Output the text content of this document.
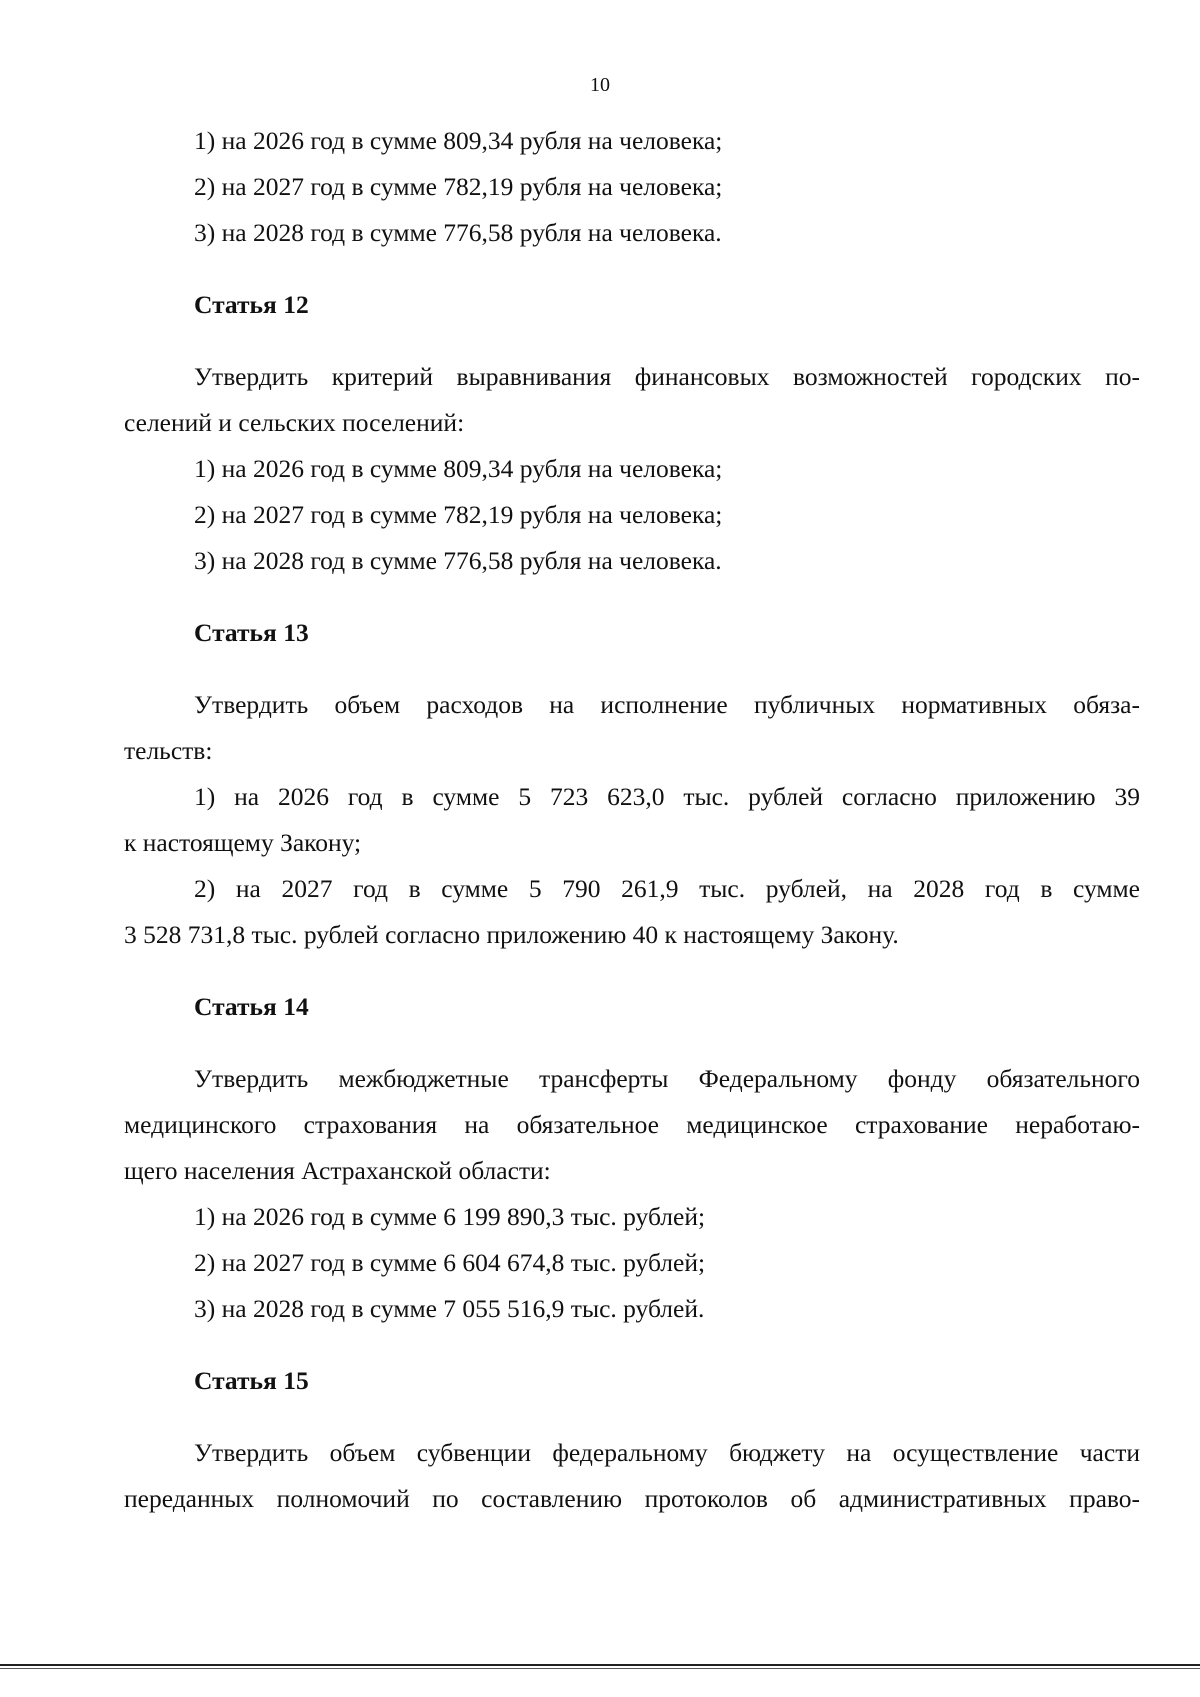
10

1) на 2026 год в сумме 809,34 рубля на человека;

2) на 2027 год в сумме 782,19 рубля на человека;

3) на 2028 год в сумме 776,58 рубля на человека.

Статья 12

Утвердить критерий выравнивания финансовых возможностей городских по-

селений и сельских поселений:

1) на 2026 год в сумме 809,34 рубля на человека;

2) на 2027 год в сумме 782,19 рубля на человека;

3) на 2028 год в сумме 776,58 рубля на человека.

Статья 13

Утвердить объем расходов на исполнение публичных нормативных обяза-

тельств:

1) на 2026 год в сумме 5 723 623,0 тыс. рублей согласно приложению 39

к настоящему Закону;

2) на 2027 год в сумме 5 790 261,9 тыс. рублей, на 2028 год в сумме

3 528 731,8 тыс. рублей согласно приложению 40 к настоящему Закону.

Статья 14

Утвердить межбюджетные трансферты Федеральному фонду обязательного

медицинского страхования на обязательное медицинское страхование неработаю-

щего населения Астраханской области:

1) на 2026 год в сумме 6 199 890,3 тыс. рублей;

2) на 2027 год в сумме 6 604 674,8 тыс. рублей;

3) на 2028 год в сумме 7 055 516,9 тыс. рублей.

Статья 15

Утвердить объем субвенции федеральному бюджету на осуществление части

переданных полномочий по составлению протоколов об административных право-
